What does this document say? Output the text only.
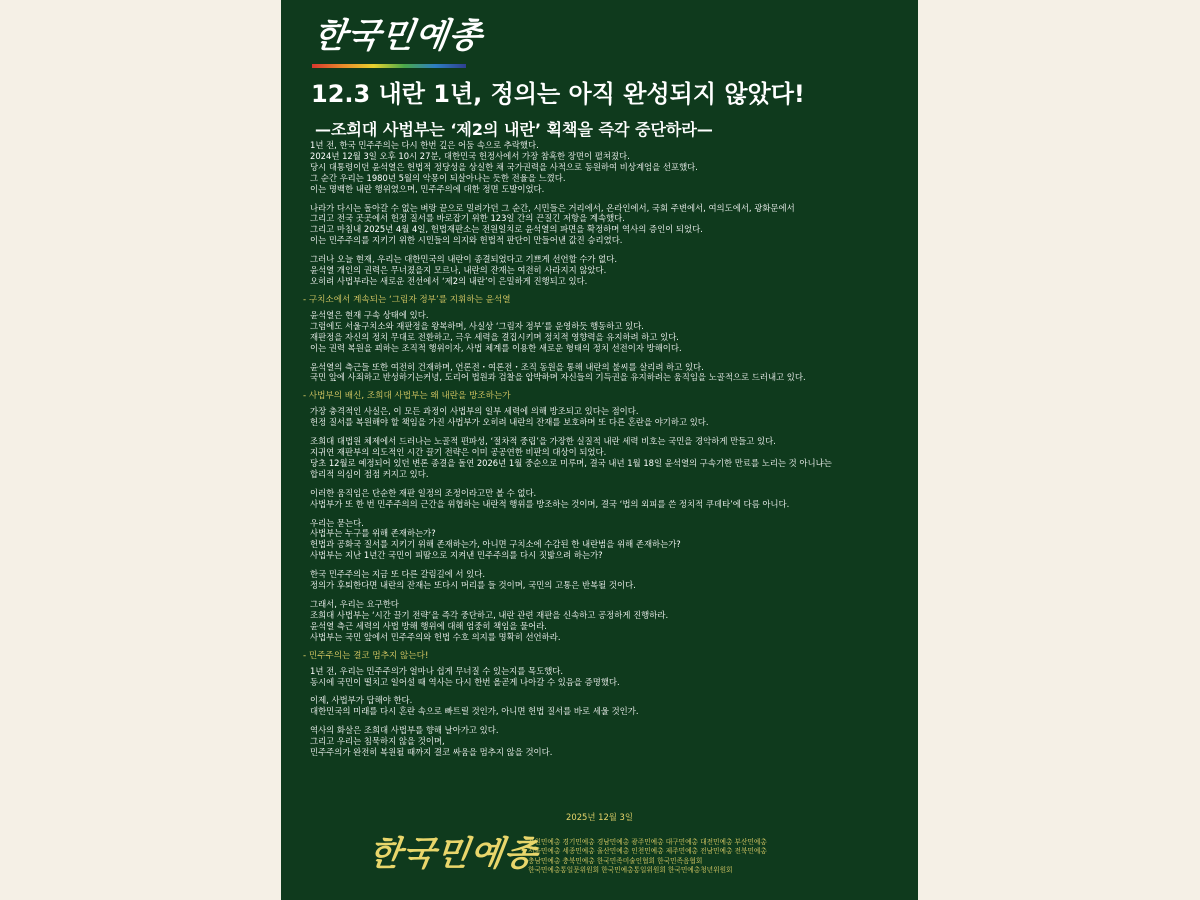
한국민예총
12.3 내란 1년, 정의는 아직 완성되지 않았다!
—조희대 사법부는 ‘제2의 내란’ 획책을 즉각 중단하라—
1년 전, 한국 민주주의는 다시 한번 깊은 어둠 속으로 추락했다.
2024년 12월 3일 오후 10시 27분, 대한민국 헌정사에서 가장 참혹한 장면이 펼쳐졌다.
당시 대통령이던 윤석열은 헌법적 정당성을 상실한 채 국가권력을 사적으로 동원하여 비상계엄을 선포했다.
그 순간 우리는 1980년 5월의 악몽이 되살아나는 듯한 전율을 느꼈다.
이는 명백한 내란 행위였으며, 민주주의에 대한 정면 도발이었다.
나라가 다시는 돌아갈 수 없는 벼랑 끝으로 밀려가던 그 순간, 시민들은 거리에서, 온라인에서, 국회 주변에서, 여의도에서, 광화문에서
그리고 전국 곳곳에서 헌정 질서를 바로잡기 위한 123일 간의 끈질긴 저항을 계속했다.
그리고 마침내 2025년 4월 4일, 헌법재판소는 전원일치로 윤석열의 파면을 확정하며 역사의 증인이 되었다.
이는 민주주의를 지키기 위한 시민들의 의지와 헌법적 판단이 만들어낸 값진 승리였다.
그러나 오늘 현재, 우리는 대한민국의 내란이 종결되었다고 기쁘게 선언할 수가 없다.
윤석열 개인의 권력은 무너졌을지 모르나, 내란의 잔재는 여전히 사라지지 않았다.
오히려 사법부라는 새로운 전선에서 ‘제2의 내란’이 은밀하게 진행되고 있다.
- 구치소에서 계속되는 ‘그림자 정부’를 지휘하는 윤석열
윤석열은 현재 구속 상태에 있다.
그럼에도 서울구치소와 재판정을 왕복하며, 사실상 ‘그림자 정부’를 운영하듯 행동하고 있다.
재판정을 자신의 정치 무대로 전환하고, 극우 세력을 결집시키며 정치적 영향력을 유지하려 하고 있다.
이는 권력 복원을 꾀하는 조직적 행위이자, 사법 체계를 이용한 새로운 형태의 정치 선전이자 방해이다.
윤석열의 측근들 또한 여전히 건재하며, 언론전・여론전・조직 동원을 통해 내란의 불씨를 살리려 하고 있다.
국민 앞에 사죄하고 반성하기는커녕, 도리어 법원과 검찰을 압박하며 자신들의 기득권을 유지하려는 움직임을 노골적으로 드러내고 있다.
- 사법부의 배신, 조희대 사법부는 왜 내란을 방조하는가
가장 충격적인 사실은, 이 모든 과정이 사법부의 일부 세력에 의해 방조되고 있다는 점이다.
헌정 질서를 복원해야 할 책임을 가진 사법부가 오히려 내란의 잔재를 보호하며 또 다른 혼란을 야기하고 있다.
조희대 대법원 체제에서 드러나는 노골적 편파성, ‘절차적 중립’을 가장한 실질적 내란 세력 비호는 국민을 경악하게 만들고 있다.
지귀연 재판부의 의도적인 시간 끌기 전략은 이미 공공연한 비판의 대상이 되었다.
당초 12월로 예정되어 있던 변론 종결을 돌연 2026년 1월 중순으로 미루며, 결국 내년 1월 18일 윤석열의 구속기한 만료를 노리는 것 아니냐는
합리적 의심이 점점 커지고 있다.
이러한 움직임은 단순한 재판 일정의 조정이라고만 볼 수 없다.
사법부가 또 한 번 민주주의의 근간을 위협하는 내란적 행위를 방조하는 것이며, 결국 ‘법의 외피를 쓴 정치적 쿠데타’에 다름 아니다.
우리는 묻는다.
사법부는 누구를 위해 존재하는가?
헌법과 공화국 질서를 지키기 위해 존재하는가, 아니면 구치소에 수감된 한 내란범을 위해 존재하는가?
사법부는 지난 1년간 국민이 피땀으로 지켜낸 민주주의를 다시 짓밟으려 하는가?
한국 민주주의는 지금 또 다른 갈림길에 서 있다.
정의가 후퇴한다면 내란의 잔재는 또다시 머리를 들 것이며, 국민의 고통은 반복될 것이다.
그래서, 우리는 요구한다
조희대 사법부는 ‘시간 끌기 전략’을 즉각 중단하고, 내란 관련 재판을 신속하고 공정하게 진행하라.
윤석열 측근 세력의 사법 방해 행위에 대해 엄중히 책임을 물어라.
사법부는 국민 앞에서 민주주의와 헌법 수호 의지를 명확히 선언하라.
- 민주주의는 결코 멈추지 않는다!
1년 전, 우리는 민주주의가 얼마나 쉽게 무너질 수 있는지를 목도했다.
동시에 국민이 떨치고 일어설 때 역사는 다시 한번 올곧게 나아갈 수 있음을 증명했다.
이제, 사법부가 답해야 한다.
대한민국의 미래를 다시 혼란 속으로 빠트릴 것인가, 아니면 헌법 질서를 바로 세울 것인가.
역사의 화살은 조희대 사법부를 향해 날아가고 있다.
그리고 우리는 침묵하지 않을 것이며,
민주주의가 완전히 복원될 때까지 결코 싸움을 멈추지 않을 것이다.
2025년 12월 3일
한국민예총
강원민예총 경기민예총 경남민예총 광주민예총 대구민예총 대전민예총 부산민예총
서울민예총 세종민예총 울산민예총 인천민예총 제주민예총 전남민예총 전북민예총
충남민예총 충북민예총 한국민족미술인협회 한국민족음협회
한국민예총통일문위원회 한국민예총통일위원회 한국민예총청년위원회
